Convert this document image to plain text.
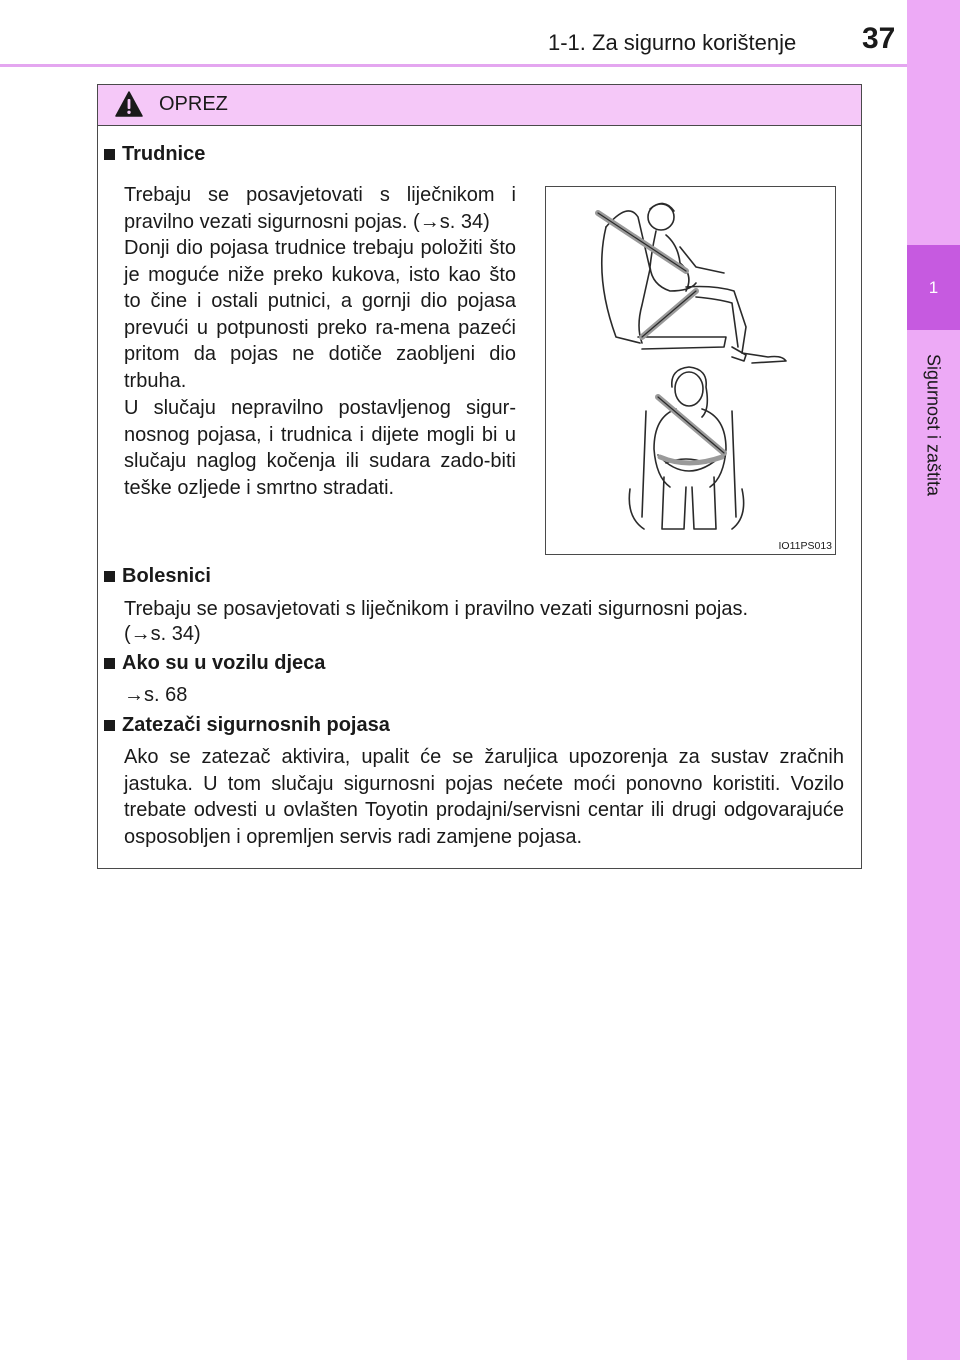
1-1. Za sigurno korištenje 37
1
Sigurnost i zaštita
OPREZ
Trudnice
Trebaju se posavjetovati s liječnikom i pravilno vezati sigurnosni pojas. (→s. 34)
Donji dio pojasa trudnice trebaju položiti što je moguće niže preko kukova, isto kao što to čine i ostali putnici, a gornji dio pojasa prevući u potpunosti preko ra-mena pazeći pritom da pojas ne dotiče zaobljeni dio trbuha.
U slučaju nepravilno postavljenog sigur-nosnog pojasa, i trudnica i dijete mogli bi u slučaju naglog kočenja ili sudara zado-biti teške ozljede i smrtno stradati.
IO11PS013
Bolesnici
Trebaju se posavjetovati s liječnikom i pravilno vezati sigurnosni pojas.
(→s. 34)
Ako su u vozilu djeca
→s. 68
Zatezači sigurnosnih pojasa
Ako se zatezač aktivira, upalit će se žaruljica upozorenja za sustav zračnih jastuka. U tom slučaju sigurnosni pojas nećete moći ponovno koristiti. Vozilo trebate odvesti u ovlašten Toyotin prodajni/servisni centar ili drugi odgovarajuće osposobljen i opremljen servis radi zamjene pojasa.
